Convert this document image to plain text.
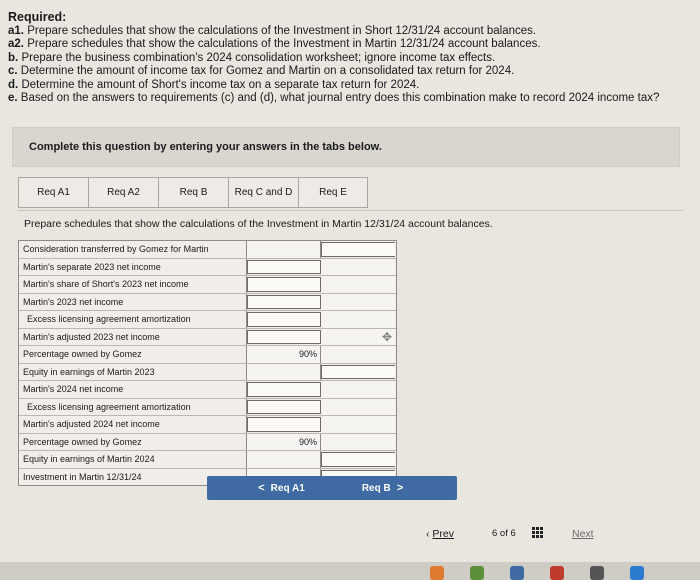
Required:
a1. Prepare schedules that show the calculations of the Investment in Short 12/31/24 account balances.
a2. Prepare schedules that show the calculations of the Investment in Martin 12/31/24 account balances.
b. Prepare the business combination's 2024 consolidation worksheet; ignore income tax effects.
c. Determine the amount of income tax for Gomez and Martin on a consolidated tax return for 2024.
d. Determine the amount of Short's income tax on a separate tax return for 2024.
e. Based on the answers to requirements (c) and (d), what journal entry does this combination make to record 2024 income tax?
Complete this question by entering your answers in the tabs below.
Req A1	Req A2	Req B	Req C and D	Req E
Prepare schedules that show the calculations of the Investment in Martin 12/31/24 account balances.
Consideration transferred by Gomez for Martin
Martin's separate 2023 net income
Martin's share of Short's 2023 net income
Martin's 2023 net income
Excess licensing agreement amortization
Martin's adjusted 2023 net income	✥
Percentage owned by Gomez	90%
Equity in earnings of Martin 2023
Martin's 2024 net income
Excess licensing agreement amortization
Martin's adjusted 2024 net income
Percentage owned by Gomez	90%
Equity in earnings of Martin 2024
Investment in Martin 12/31/24
< Req A1	Req B >
‹ Prev	6 of 6	Next
